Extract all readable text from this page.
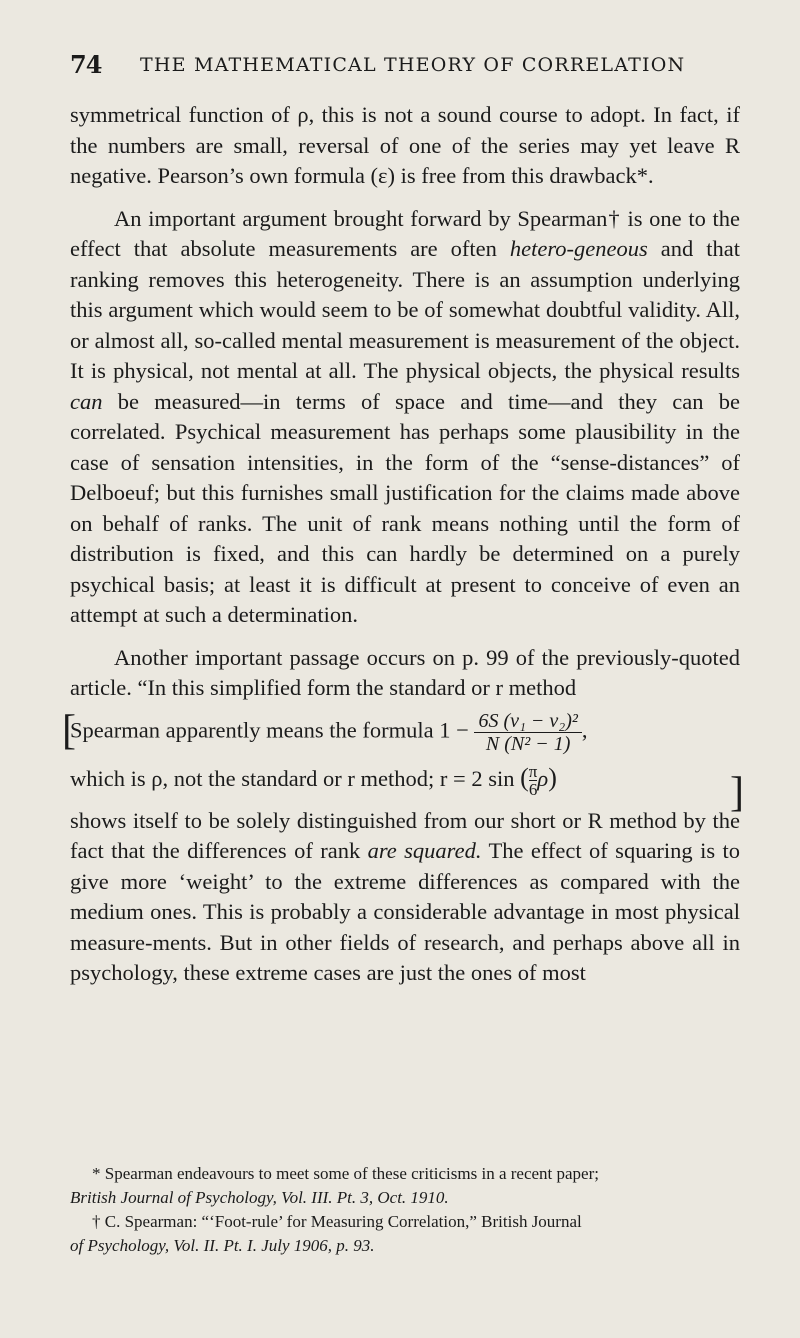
74 THE MATHEMATICAL THEORY OF CORRELATION

symmetrical function of ρ, this is not a sound course to adopt. In fact, if the numbers are small, reversal of one of the series may yet leave R negative. Pearson’s own formula (ε) is free from this drawback*.

An important argument brought forward by Spearman† is one to the effect that absolute measurements are often hetero-geneous and that ranking removes this heterogeneity. There is an assumption underlying this argument which would seem to be of somewhat doubtful validity. All, or almost all, so-called mental measurement is measurement of the object. It is physical, not mental at all. The physical objects, the physical results can be measured—in terms of space and time—and they can be correlated. Psychical measurement has perhaps some plausibility in the case of sensation intensities, in the form of the “sense-distances” of Delboeuf; but this furnishes small justification for the claims made above on behalf of ranks. The unit of rank means nothing until the form of distribution is fixed, and this can hardly be determined on a purely psychical basis; at least it is difficult at present to conceive of even an attempt at such a determination.

Another important passage occurs on p. 99 of the previously-quoted article. “In this simplified form the standard or r method

[
Spearman apparently means the formula $1 - \frac{\text{6S (ν₁ − ν₂)²}}{\text{N (N² − 1)}}$ ,
which is ρ, not the standard or r method; r = 2 sin ( $\frac{\pi}{6} \rho$)	]

shows itself to be solely distinguished from our short or R method by the fact that the differences of rank are squared. The effect of squaring is to give more ‘weight’ to the extreme differences as compared with the medium ones. This is probably a considerable advantage in most physical measure-ments. But in other fields of research, and perhaps above all in psychology, these extreme cases are just the ones of most

* Spearman endeavours to meet some of these criticisms in a recent paper;

British Journal of Psychology, Vol. III. Pt. 3, Oct. 1910.

† C. Spearman: “‘Foot-rule’ for Measuring Correlation,” British Journal

of Psychology, Vol. II. Pt. I. July 1906, p. 93.
